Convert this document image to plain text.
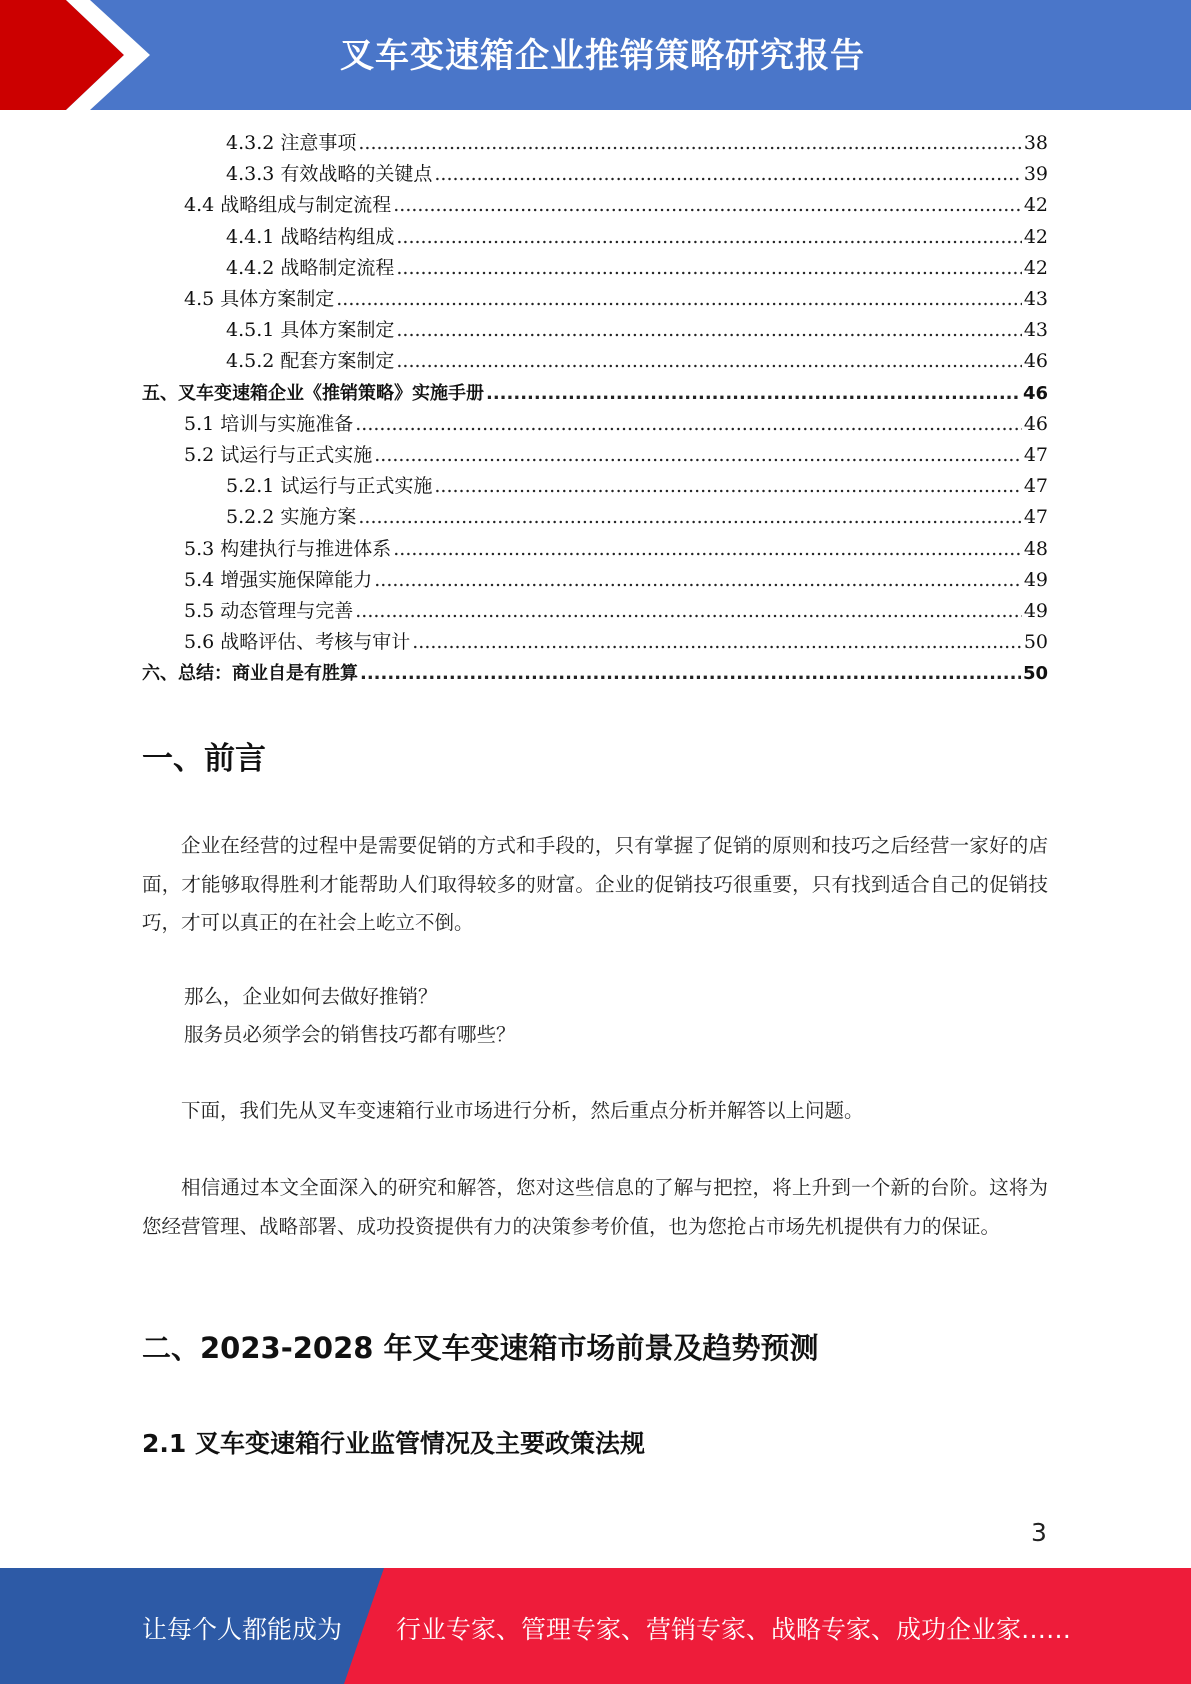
叉车变速箱企业推销策略研究报告
4.3.2 注意事项 .....	38
4.3.3 有效战略的关键点 .....	39
4.4 战略组成与制定流程 .....	42
4.4.1 战略结构组成 .....	42
4.4.2 战略制定流程 .....	42
4.5 具体方案制定 .....	43
4.5.1 具体方案制定 .....	43
4.5.2 配套方案制定 .....	46
五、叉车变速箱企业《推销策略》实施手册 .....	46
5.1 培训与实施准备 .....	46
5.2 试运行与正式实施 .....	47
5.2.1 试运行与正式实施 .....	47
5.2.2 实施方案 .....	47
5.3 构建执行与推进体系 .....	48
5.4 增强实施保障能力 .....	49
5.5 动态管理与完善 .....	49
5.6 战略评估、考核与审计 .....	50
六、总结：商业自是有胜算 .....	50
一、前言
企业在经营的过程中是需要促销的方式和手段的，只有掌握了促销的原则和技巧之后经营一家好的店面，才能够取得胜利才能帮助人们取得较多的财富。企业的促销技巧很重要，只有找到适合自己的促销技巧，才可以真正的在社会上屹立不倒。
那么，企业如何去做好推销？
服务员必须学会的销售技巧都有哪些？
下面，我们先从叉车变速箱行业市场进行分析，然后重点分析并解答以上问题。
相信通过本文全面深入的研究和解答，您对这些信息的了解与把控，将上升到一个新的台阶。这将为您经营管理、战略部署、成功投资提供有力的决策参考价值，也为您抢占市场先机提供有力的保证。
二、2023-2028 年叉车变速箱市场前景及趋势预测
2.1 叉车变速箱行业监管情况及主要政策法规
3
让每个人都能成为 行业专家、管理专家、营销专家、战略专家、成功企业家……
